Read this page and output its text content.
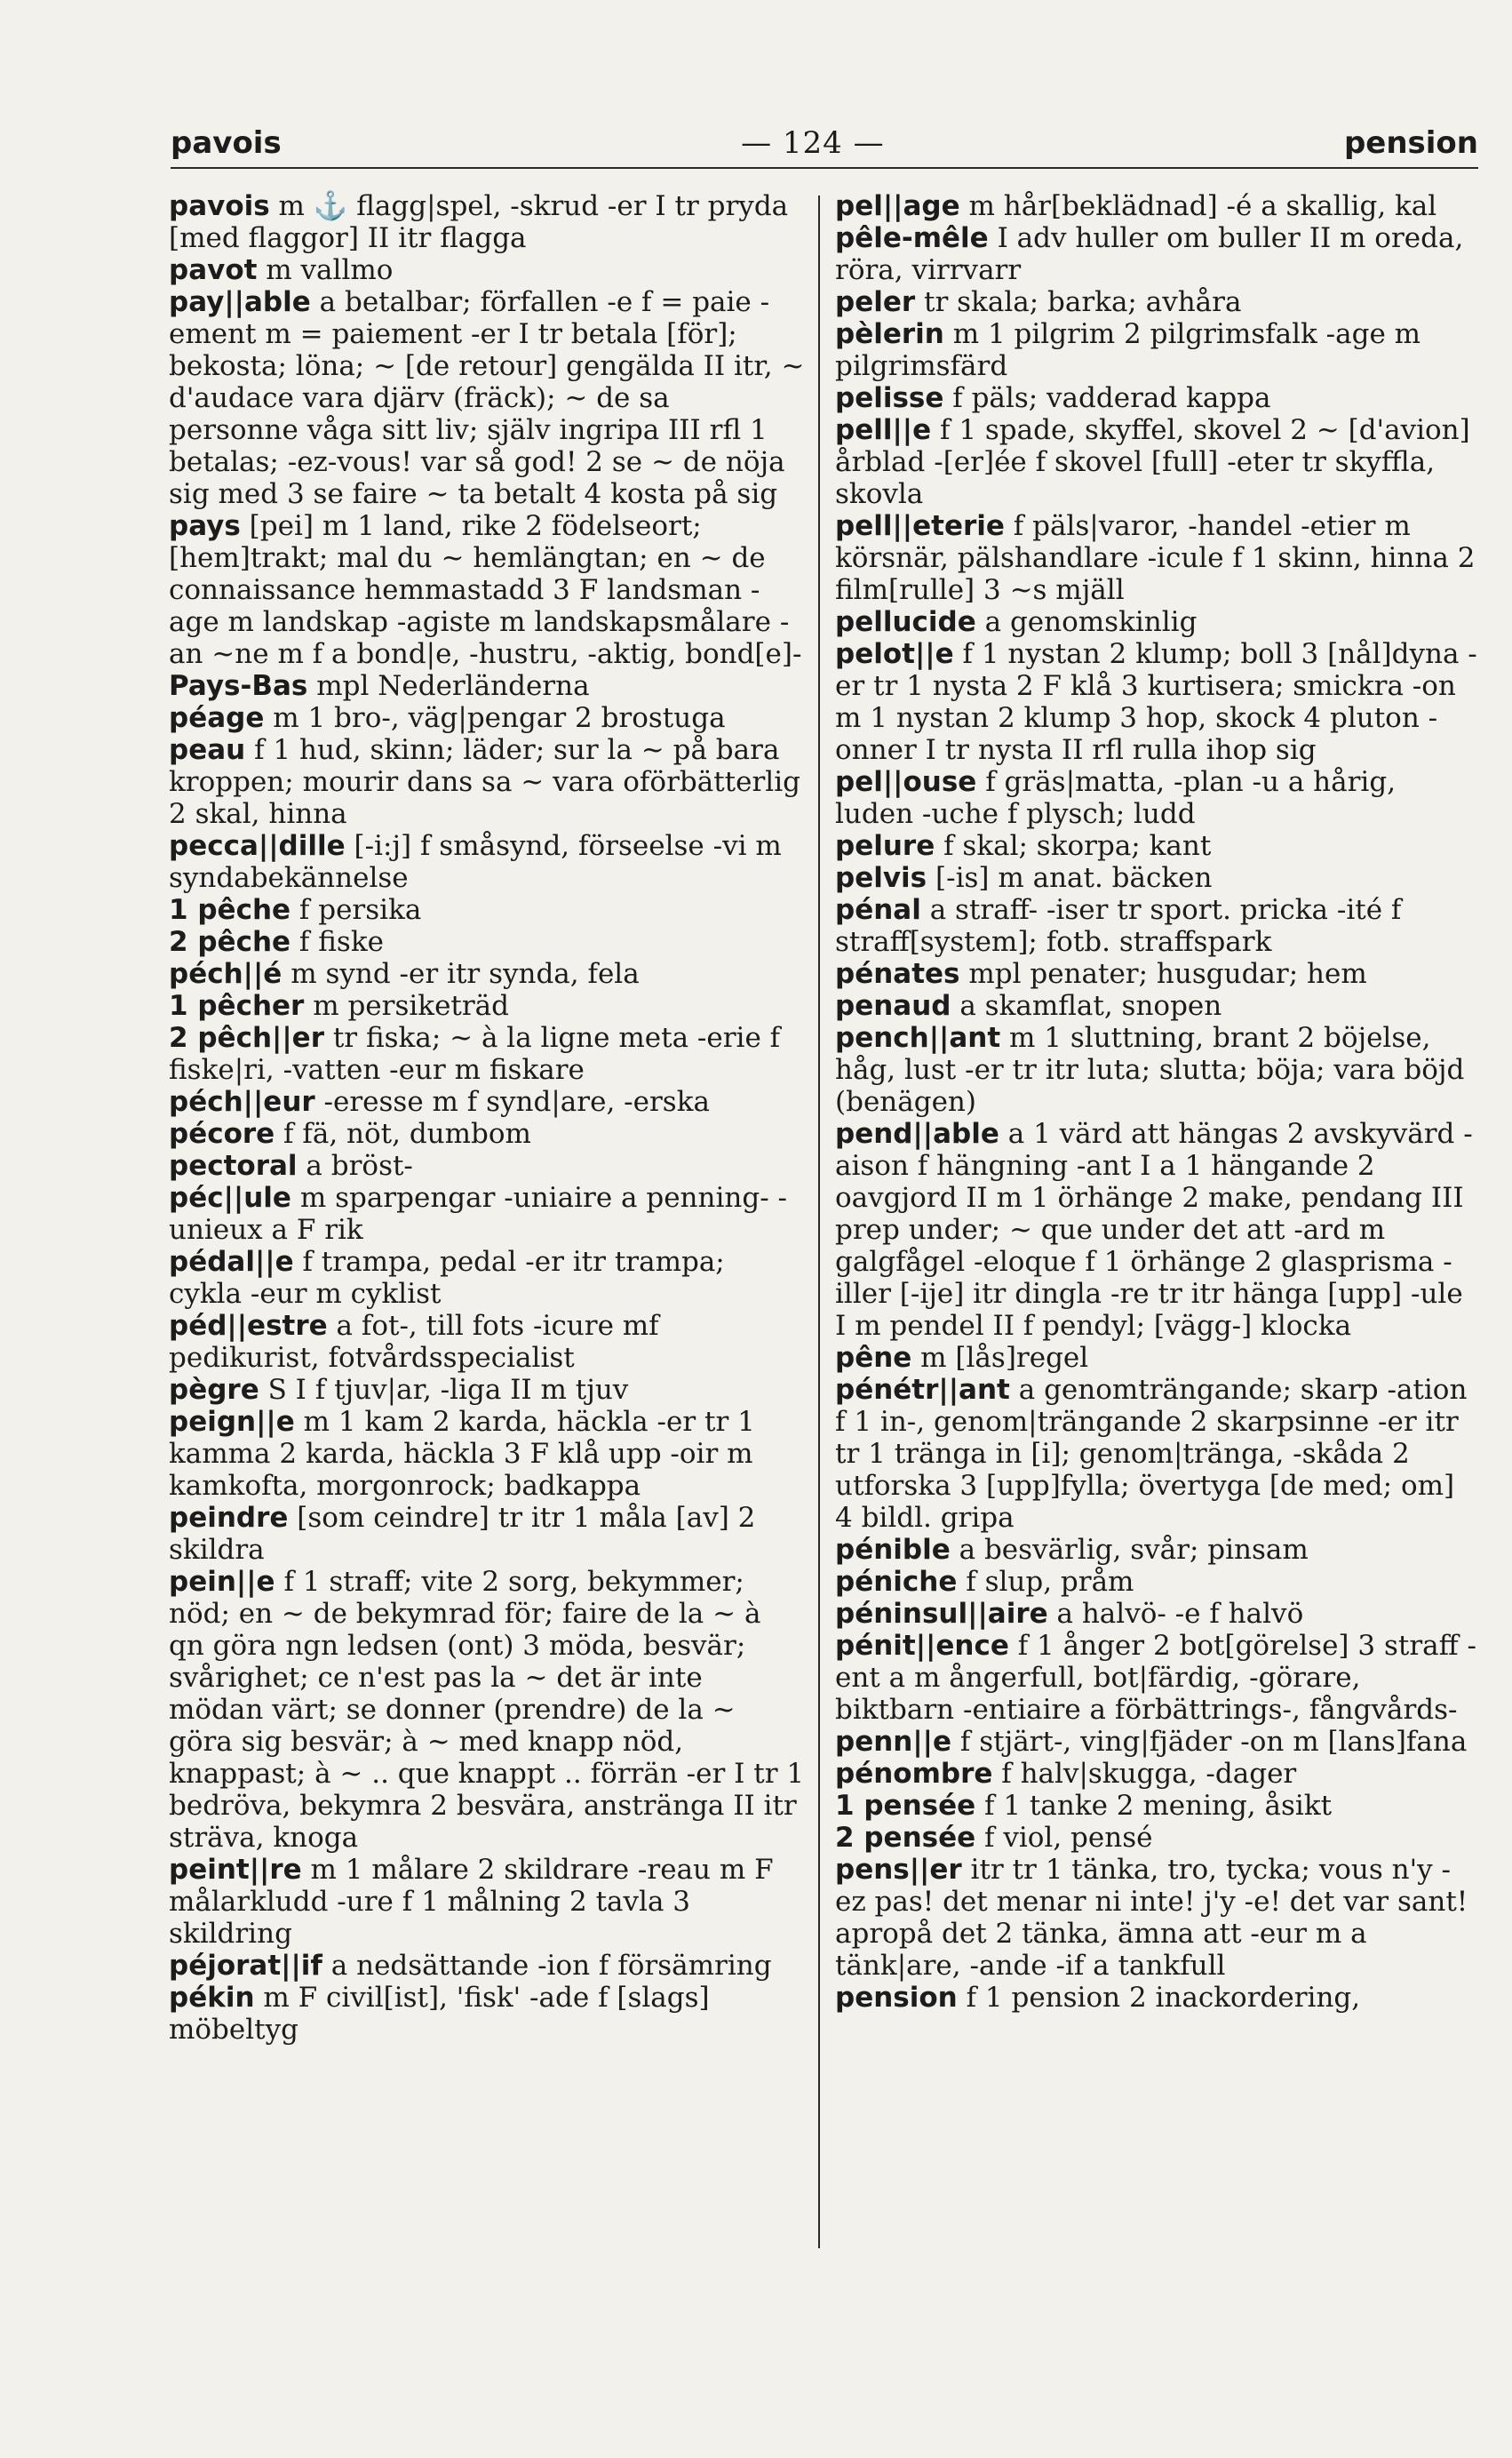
pavois	— 124 —	pension

pavois m ⚓ flagg|spel, -skrud -er I tr pryda [med flaggor] II itr flagga

pavot m vallmo

pay||able a betalbar; förfallen -e f = paie -ement m = paiement -er I tr betala [för]; bekosta; löna; ~ [de retour] gengälda II itr, ~ d'audace vara djärv (fräck); ~ de sa personne våga sitt liv; själv ingripa III rfl 1 betalas; -ez-vous! var så god! 2 se ~ de nöja sig med 3 se faire ~ ta betalt 4 kosta på sig

pays [pei] m 1 land, rike 2 födelseort; [hem]trakt; mal du ~ hemlängtan; en ~ de connaissance hemmastadd 3 F landsman -age m landskap -agiste m landskapsmålare -an ~ne m f a bond|e, -hustru, -aktig, bond[e]-

Pays-Bas mpl Nederländerna

péage m 1 bro-, väg|pengar 2 brostuga

peau f 1 hud, skinn; läder; sur la ~ på bara kroppen; mourir dans sa ~ vara oförbätterlig 2 skal, hinna

pecca||dille [-i:j] f småsynd, förseelse -vi m syndabekännelse

1 pêche f persika

2 pêche f fiske

péch||é m synd -er itr synda, fela

1 pêcher m persiketräd

2 pêch||er tr fiska; ~ à la ligne meta -erie f fiske|ri, -vatten -eur m fiskare

péch||eur -eresse m f synd|are, -erska

pécore f fä, nöt, dumbom

pectoral a bröst-

péc||ule m sparpengar -uniaire a penning- -unieux a F rik

pédal||e f trampa, pedal -er itr trampa; cykla -eur m cyklist

péd||estre a fot-, till fots -icure mf pedikurist, fotvårdsspecialist

pègre S I f tjuv|ar, -liga II m tjuv

peign||e m 1 kam 2 karda, häckla -er tr 1 kamma 2 karda, häckla 3 F klå upp -oir m kamkofta, morgonrock; badkappa

peindre [som ceindre] tr itr 1 måla [av] 2 skildra

pein||e f 1 straff; vite 2 sorg, bekymmer; nöd; en ~ de bekymrad för; faire de la ~ à qn göra ngn ledsen (ont) 3 möda, besvär; svårighet; ce n'est pas la ~ det är inte mödan värt; se donner (prendre) de la ~ göra sig besvär; à ~ med knapp nöd, knappast; à ~ .. que knappt .. förrän -er I tr 1 bedröva, bekymra 2 besvära, anstränga II itr sträva, knoga

peint||re m 1 målare 2 skildrare -reau m F målarkludd -ure f 1 målning 2 tavla 3 skildring

péjorat||if a nedsättande -ion f försämring

pékin m F civil[ist], 'fisk' -ade f [slags] möbeltyg

pel||age m hår[beklädnad] -é a skallig, kal

pêle-mêle I adv huller om buller II m oreda, röra, virrvarr

peler tr skala; barka; avhåra

pèlerin m 1 pilgrim 2 pilgrimsfalk -age m pilgrimsfärd

pelisse f päls; vadderad kappa

pell||e f 1 spade, skyffel, skovel 2 ~ [d'avion] årblad -[er]ée f skovel [full] -eter tr skyffla, skovla

pell||eterie f päls|varor, -handel -etier m körsnär, pälshandlare -icule f 1 skinn, hinna 2 film[rulle] 3 ~s mjäll

pellucide a genomskinlig

pelot||e f 1 nystan 2 klump; boll 3 [nål]dyna -er tr 1 nysta 2 F klå 3 kurtisera; smickra -on m 1 nystan 2 klump 3 hop, skock 4 pluton -onner I tr nysta II rfl rulla ihop sig

pel||ouse f gräs|matta, -plan -u a hårig, luden -uche f plysch; ludd

pelure f skal; skorpa; kant

pelvis [-is] m anat. bäcken

pénal a straff- -iser tr sport. pricka -ité f straff[system]; fotb. straffspark

pénates mpl penater; husgudar; hem

penaud a skamflat, snopen

pench||ant m 1 sluttning, brant 2 böjelse, håg, lust -er tr itr luta; slutta; böja; vara böjd (benägen)

pend||able a 1 värd att hängas 2 avskyvärd -aison f hängning -ant I a 1 hängande 2 oavgjord II m 1 örhänge 2 make, pendang III prep under; ~ que under det att -ard m galgfågel -eloque f 1 örhänge 2 glasprisma -iller [-ije] itr dingla -re tr itr hänga [upp] -ule I m pendel II f pendyl; [vägg-] klocka

pêne m [lås]regel

pénétr||ant a genomträngande; skarp -ation f 1 in-, genom|trängande 2 skarpsinne -er itr tr 1 tränga in [i]; genom|tränga, -skåda 2 utforska 3 [upp]fylla; övertyga [de med; om] 4 bildl. gripa

pénible a besvärlig, svår; pinsam

péniche f slup, pråm

péninsul||aire a halvö- -e f halvö

pénit||ence f 1 ånger 2 bot[görelse] 3 straff -ent a m ångerfull, bot|färdig, -görare, biktbarn -entiaire a förbättrings-, fångvårds-

penn||e f stjärt-, ving|fjäder -on m [lans]fana

pénombre f halv|skugga, -dager

1 pensée f 1 tanke 2 mening, åsikt

2 pensée f viol, pensé

pens||er itr tr 1 tänka, tro, tycka; vous n'y -ez pas! det menar ni inte! j'y -e! det var sant! apropå det 2 tänka, ämna att -eur m a tänk|are, -ande -if a tankfull

pension f 1 pension 2 inackordering,
